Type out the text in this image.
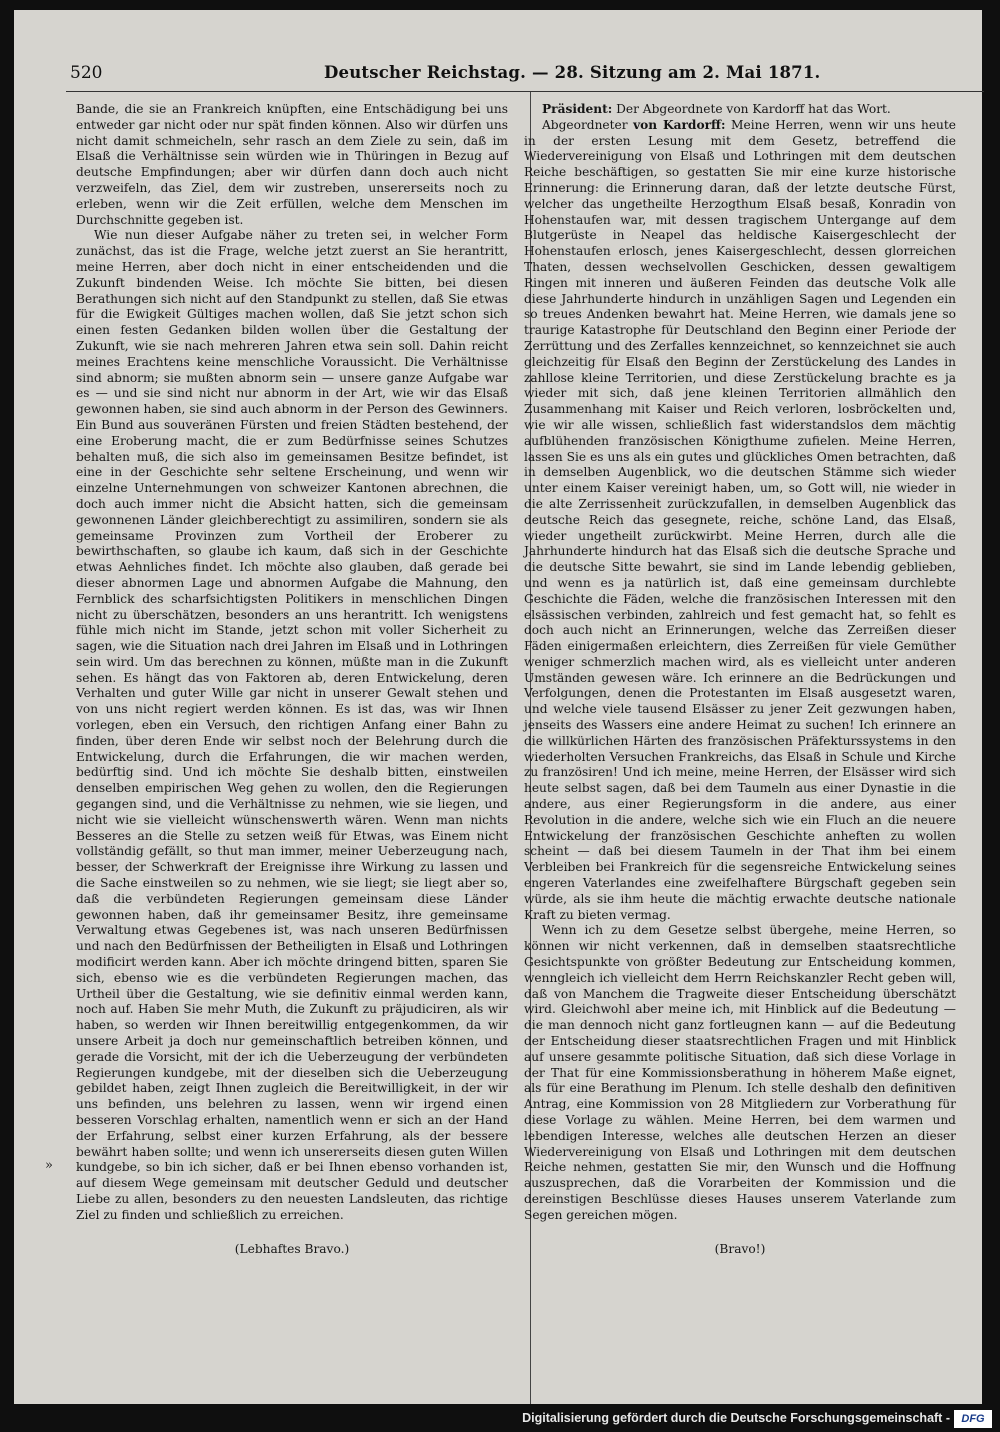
520	Deutscher Reichstag. — 28. Sitzung am 2. Mai 1871.
»

Bande, die sie an Frankreich knüpften, eine Entschädigung bei uns entweder gar nicht oder nur spät finden können. Also wir dürfen uns nicht damit schmeicheln, sehr rasch an dem Ziele zu sein, daß im Elsaß die Verhältnisse sein würden wie in Thüringen in Bezug auf deutsche Empfindungen; aber wir dürfen dann doch auch nicht verzweifeln, das Ziel, dem wir zustreben, unsererseits noch zu erleben, wenn wir die Zeit erfüllen, welche dem Menschen im Durchschnitte gegeben ist.

Wie nun dieser Aufgabe näher zu treten sei, in welcher Form zunächst, das ist die Frage, welche jetzt zuerst an Sie herantritt, meine Herren, aber doch nicht in einer entscheidenden und die Zukunft bindenden Weise. Ich möchte Sie bitten, bei diesen Berathungen sich nicht auf den Standpunkt zu stellen, daß Sie etwas für die Ewigkeit Gültiges machen wollen, daß Sie jetzt schon sich einen festen Gedanken bilden wollen über die Gestaltung der Zukunft, wie sie nach mehreren Jahren etwa sein soll. Dahin reicht meines Erachtens keine menschliche Voraussicht. Die Verhältnisse sind abnorm; sie mußten abnorm sein — unsere ganze Aufgabe war es — und sie sind nicht nur abnorm in der Art, wie wir das Elsaß gewonnen haben, sie sind auch abnorm in der Person des Gewinners. Ein Bund aus souveränen Fürsten und freien Städten bestehend, der eine Eroberung macht, die er zum Bedürfnisse seines Schutzes behalten muß, die sich also im gemeinsamen Besitze befindet, ist eine in der Geschichte sehr seltene Erscheinung, und wenn wir einzelne Unternehmungen von schweizer Kantonen abrechnen, die doch auch immer nicht die Absicht hatten, sich die gemeinsam gewonnenen Länder gleichberechtigt zu assimiliren, sondern sie als gemeinsame Provinzen zum Vortheil der Eroberer zu bewirthschaften, so glaube ich kaum, daß sich in der Geschichte etwas Aehnliches findet. Ich möchte also glauben, daß gerade bei dieser abnormen Lage und abnormen Aufgabe die Mahnung, den Fernblick des scharfsichtigsten Politikers in menschlichen Dingen nicht zu überschätzen, besonders an uns herantritt. Ich wenigstens fühle mich nicht im Stande, jetzt schon mit voller Sicherheit zu sagen, wie die Situation nach drei Jahren im Elsaß und in Lothringen sein wird. Um das berechnen zu können, müßte man in die Zukunft sehen. Es hängt das von Faktoren ab, deren Entwickelung, deren Verhalten und guter Wille gar nicht in unserer Gewalt stehen und von uns nicht regiert werden können. Es ist das, was wir Ihnen vorlegen, eben ein Versuch, den richtigen Anfang einer Bahn zu finden, über deren Ende wir selbst noch der Belehrung durch die Entwickelung, durch die Erfahrungen, die wir machen werden, bedürftig sind. Und ich möchte Sie deshalb bitten, einstweilen denselben empirischen Weg gehen zu wollen, den die Regierungen gegangen sind, und die Verhältnisse zu nehmen, wie sie liegen, und nicht wie sie vielleicht wünschenswerth wären. Wenn man nichts Besseres an die Stelle zu setzen weiß für Etwas, was Einem nicht vollständig gefällt, so thut man immer, meiner Ueberzeugung nach, besser, der Schwerkraft der Ereignisse ihre Wirkung zu lassen und die Sache einstweilen so zu nehmen, wie sie liegt; sie liegt aber so, daß die verbündeten Regierungen gemeinsam diese Länder gewonnen haben, daß ihr gemeinsamer Besitz, ihre gemeinsame Verwaltung etwas Gegebenes ist, was nach unseren Bedürfnissen und nach den Bedürfnissen der Betheiligten in Elsaß und Lothringen modificirt werden kann. Aber ich möchte dringend bitten, sparen Sie sich, ebenso wie es die verbündeten Regierungen machen, das Urtheil über die Gestaltung, wie sie definitiv einmal werden kann, noch auf. Haben Sie mehr Muth, die Zukunft zu präjudiciren, als wir haben, so werden wir Ihnen bereitwillig entgegenkommen, da wir unsere Arbeit ja doch nur gemeinschaftlich betreiben können, und gerade die Vorsicht, mit der ich die Ueberzeugung der verbündeten Regierungen kundgebe, mit der dieselben sich die Ueberzeugung gebildet haben, zeigt Ihnen zugleich die Bereitwilligkeit, in der wir uns befinden, uns belehren zu lassen, wenn wir irgend einen besseren Vorschlag erhalten, namentlich wenn er sich an der Hand der Erfahrung, selbst einer kurzen Erfahrung, als der bessere bewährt haben sollte; und wenn ich unsererseits diesen guten Willen kundgebe, so bin ich sicher, daß er bei Ihnen ebenso vorhanden ist, auf diesem Wege gemeinsam mit deutscher Geduld und deutscher Liebe zu allen, besonders zu den neuesten Landsleuten, das richtige Ziel zu finden und schließlich zu erreichen.

(Lebhaftes Bravo.)

Präsident: Der Abgeordnete von Kardorff hat das Wort.

Abgeordneter von Kardorff: Meine Herren, wenn wir uns heute in der ersten Lesung mit dem Gesetz, betreffend die Wiedervereinigung von Elsaß und Lothringen mit dem deutschen Reiche beschäftigen, so gestatten Sie mir eine kurze historische Erinnerung: die Erinnerung daran, daß der letzte deutsche Fürst, welcher das ungetheilte Herzogthum Elsaß besaß, Konradin von Hohenstaufen war, mit dessen tragischem Untergange auf dem Blutgerüste in Neapel das heldische Kaisergeschlecht der Hohenstaufen erlosch, jenes Kaisergeschlecht, dessen glorreichen Thaten, dessen wechselvollen Geschicken, dessen gewaltigem Ringen mit inneren und äußeren Feinden das deutsche Volk alle diese Jahrhunderte hindurch in unzähligen Sagen und Legenden ein so treues Andenken bewahrt hat. Meine Herren, wie damals jene so traurige Katastrophe für Deutschland den Beginn einer Periode der Zerrüttung und des Zerfalles kennzeichnet, so kennzeichnet sie auch gleichzeitig für Elsaß den Beginn der Zerstückelung des Landes in zahllose kleine Territorien, und diese Zerstückelung brachte es ja wieder mit sich, daß jene kleinen Territorien allmählich den Zusammenhang mit Kaiser und Reich verloren, losbröckelten und, wie wir alle wissen, schließlich fast widerstandslos dem mächtig aufblühenden französischen Königthume zufielen. Meine Herren, lassen Sie es uns als ein gutes und glückliches Omen betrachten, daß in demselben Augenblick, wo die deutschen Stämme sich wieder unter einem Kaiser vereinigt haben, um, so Gott will, nie wieder in die alte Zerrissenheit zurückzufallen, in demselben Augenblick das deutsche Reich das gesegnete, reiche, schöne Land, das Elsaß, wieder ungetheilt zurückwirbt. Meine Herren, durch alle die Jahrhunderte hindurch hat das Elsaß sich die deutsche Sprache und die deutsche Sitte bewahrt, sie sind im Lande lebendig geblieben, und wenn es ja natürlich ist, daß eine gemeinsam durchlebte Geschichte die Fäden, welche die französischen Interessen mit den elsässischen verbinden, zahlreich und fest gemacht hat, so fehlt es doch auch nicht an Erinnerungen, welche das Zerreißen dieser Fäden einigermaßen erleichtern, dies Zerreißen für viele Gemüther weniger schmerzlich machen wird, als es vielleicht unter anderen Umständen gewesen wäre. Ich erinnere an die Bedrückungen und Verfolgungen, denen die Protestanten im Elsaß ausgesetzt waren, und welche viele tausend Elsässer zu jener Zeit gezwungen haben, jenseits des Wassers eine andere Heimat zu suchen! Ich erinnere an die willkürlichen Härten des französischen Präfekturssystems in den wiederholten Versuchen Frankreichs, das Elsaß in Schule und Kirche zu französiren! Und ich meine, meine Herren, der Elsässer wird sich heute selbst sagen, daß bei dem Taumeln aus einer Dynastie in die andere, aus einer Regierungsform in die andere, aus einer Revolution in die andere, welche sich wie ein Fluch an die neuere Entwickelung der französischen Geschichte anheften zu wollen scheint — daß bei diesem Taumeln in der That ihm bei einem Verbleiben bei Frankreich für die segensreiche Entwickelung seines engeren Vaterlandes eine zweifelhaftere Bürgschaft gegeben sein würde, als sie ihm heute die mächtig erwachte deutsche nationale Kraft zu bieten vermag.

Wenn ich zu dem Gesetze selbst übergehe, meine Herren, so können wir nicht verkennen, daß in demselben staatsrechtliche Gesichtspunkte von größter Bedeutung zur Entscheidung kommen, wenngleich ich vielleicht dem Herrn Reichskanzler Recht geben will, daß von Manchem die Tragweite dieser Entscheidung überschätzt wird. Gleichwohl aber meine ich, mit Hinblick auf die Bedeutung — die man dennoch nicht ganz fortleugnen kann — auf die Bedeutung der Entscheidung dieser staatsrechtlichen Fragen und mit Hinblick auf unsere gesammte politische Situation, daß sich diese Vorlage in der That für eine Kommissionsberathung in höherem Maße eignet, als für eine Berathung im Plenum. Ich stelle deshalb den definitiven Antrag, eine Kommission von 28 Mitgliedern zur Vorberathung für diese Vorlage zu wählen. Meine Herren, bei dem warmen und lebendigen Interesse, welches alle deutschen Herzen an dieser Wiedervereinigung von Elsaß und Lothringen mit dem deutschen Reiche nehmen, gestatten Sie mir, den Wunsch und die Hoffnung auszusprechen, daß die Vorarbeiten der Kommission und die dereinstigen Beschlüsse dieses Hauses unserem Vaterlande zum Segen gereichen mögen.

(Bravo!)

Digitalisierung gefördert durch die Deutsche Forschungsgemeinschaft -	DFG
